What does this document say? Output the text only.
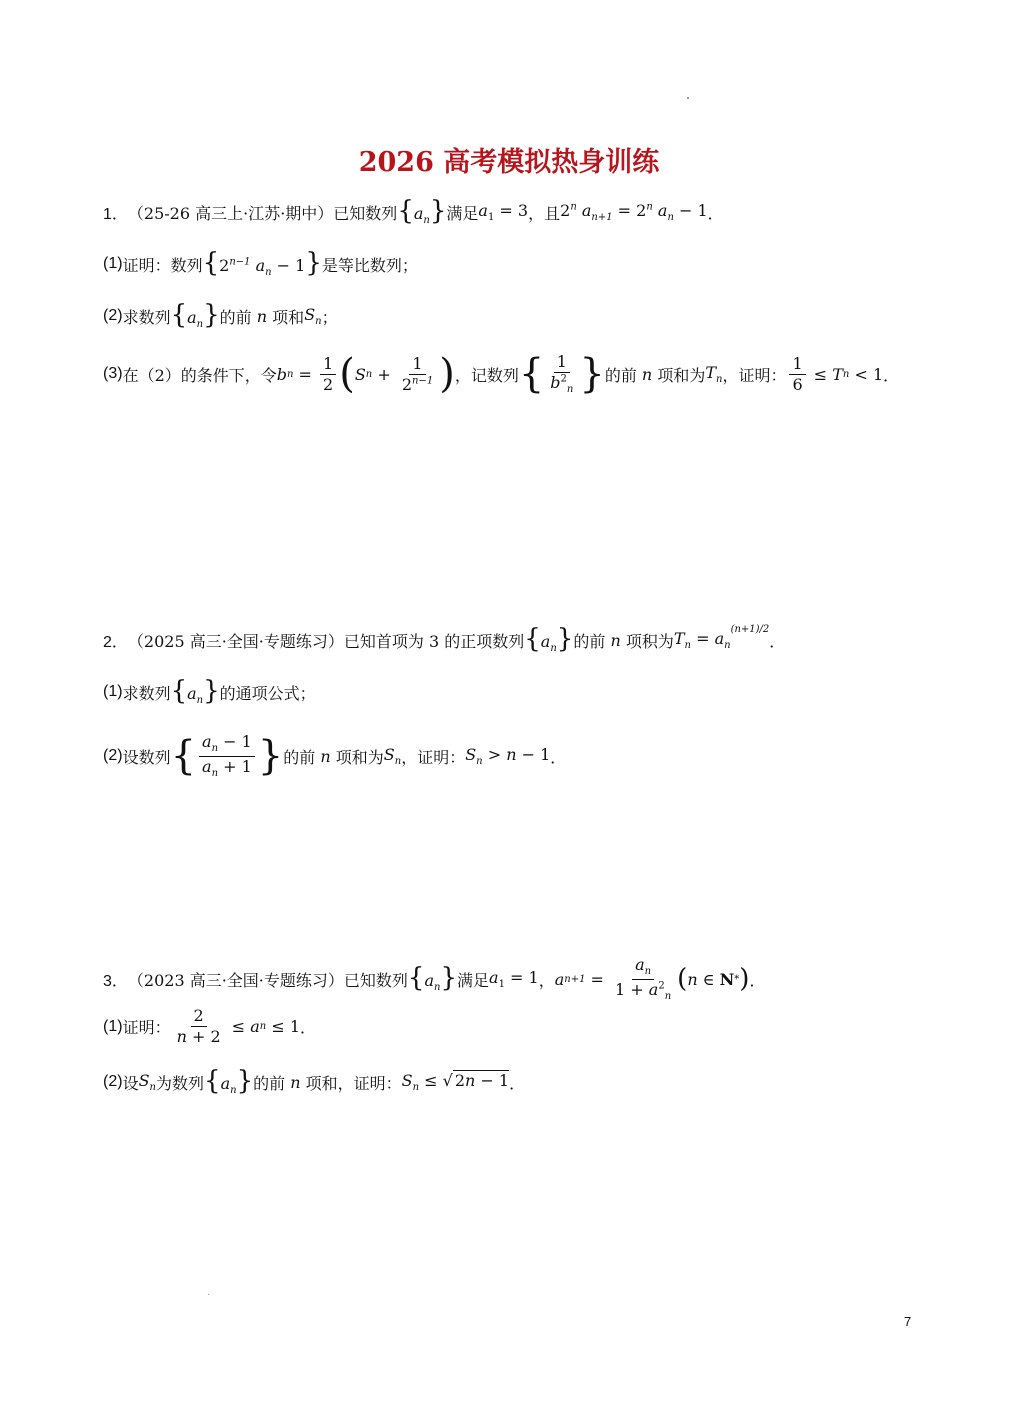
2026 高考模拟热身训练
1． （25-26 高三上·江苏·期中） 已知数列 $\{a_n\}$ 满足 $a_1 = 3$ ，且 2$^n$ $a_{n+1} = 2^n$ $a_n - 1$ ．
(1) 证明：数列 {$2^{n-1}$ $a_n - 1$} 是等比数列；
(2) 求数列 $\{a_n\}$ 的前 n 项和 $S_n$ ；
(3) 在（2）的条件下，令 b $n = \frac{1}{2}$ ( S $n + \frac{1}{2^{n-1}}$ ) ，记数列 { $\frac{1}{b^2_n}$ } 的前 n 项和为 $T_n$ ，证明： $\frac{1}{6} \le T$ n < 1 ．
2． （2025 高三·全国·专题练习） 已知首项为 3 的正项数列 $\{a_n\}$ 的前 n 项积为 $T_n = a_n^{(n+1)/2}$
．
(1) 求数列 $\{a_n\}$ 的通项公式；
(2) 设数列 { $\frac{a_n - 1}{a_n + 1}$ } 的前 n 项和为 $S_n$ ，证明： $S_n > n - 1$ ．
3． （2023 高三·全国·专题练习） 已知数列 $\{a_n\}$ 满足 $a_1 = 1$ ， a $n+1 = \frac{a_n}{1 + a^2_n}$ ( n ∈ N * ) ．
(1) 证明： $\frac{2}{n + 2} \le a$ n ≤ 1 ．
(2) 设 $S_n$ 为数列 $\{a_n\}$ 的前 n 项和，证明： $S_n$ ≤ √ 2n − 1 ．
7
